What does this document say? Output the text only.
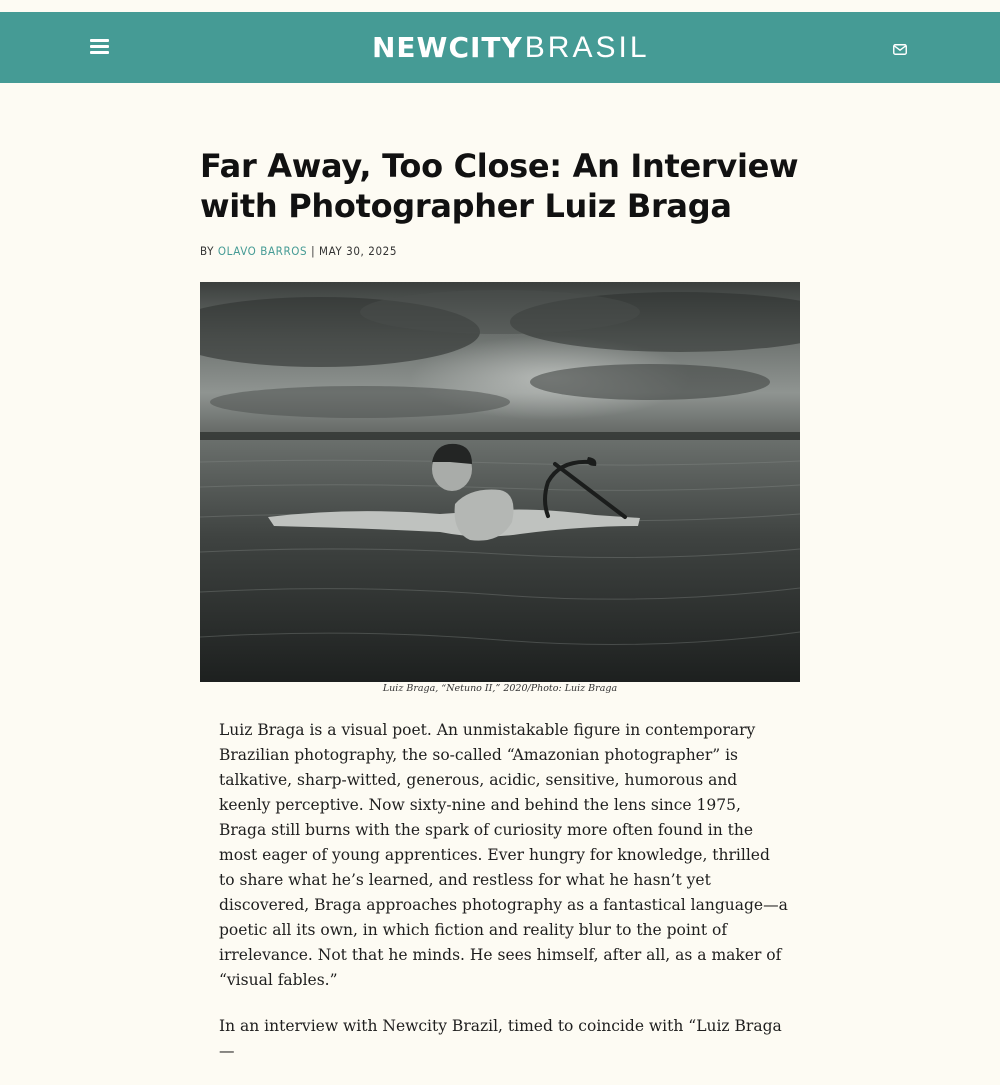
NEWCITY BRASIL
Far Away, Too Close: An Interview with Photographer Luiz Braga
BY OLAVO BARROS | MAY 30, 2025
Luiz Braga, “Netuno II,” 2020/Photo: Luiz Braga

Luiz Braga is a visual poet. An unmistakable figure in contemporary Brazilian photography, the so-called “Amazonian photographer” is talkative, sharp-witted, generous, acidic, sensitive, humorous and keenly perceptive. Now sixty-nine and behind the lens since 1975, Braga still burns with the spark of curiosity more often found in the most eager of young apprentices. Ever hungry for knowledge, thrilled to share what he’s learned, and restless for what he hasn’t yet discovered, Braga approaches photography as a fantastical language—a poetic all its own, in which fiction and reality blur to the point of irrelevance. Not that he minds. He sees himself, after all, as a maker of “visual fables.”

In an interview with Newcity Brazil, timed to coincide with “Luiz Braga—
